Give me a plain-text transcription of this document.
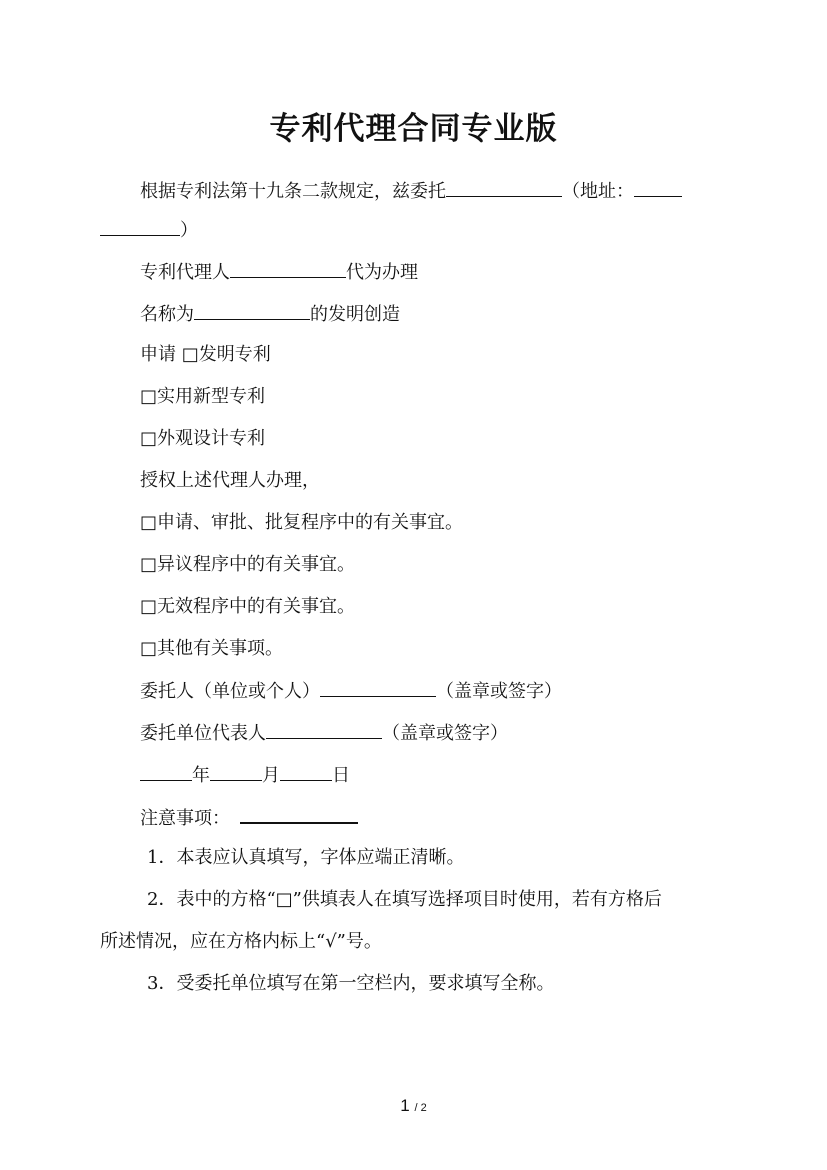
专利代理合同专业版
根据专利法第十九条二款规定，兹委托	（地址：
）
专利代理人	代为办理
名称为	的发明创造
申请 □发明专利
□实用新型专利
□外观设计专利
授权上述代理人办理，
□申请、审批、批复程序中的有关事宜。
□异议程序中的有关事宜。
□无效程序中的有关事宜。
□其他有关事项。
委托人（单位或个人）	（盖章或签字）
委托单位代表人	（盖章或签字）
年	月	日
注意事项：
1．本表应认真填写，字体应端正清晰。
2．表中的方格“□”供填表人在填写选择项目时使用，若有方格后
所述情况，应在方格内标上“√”号。
3．受委托单位填写在第一空栏内，要求填写全称。
1 / 2
